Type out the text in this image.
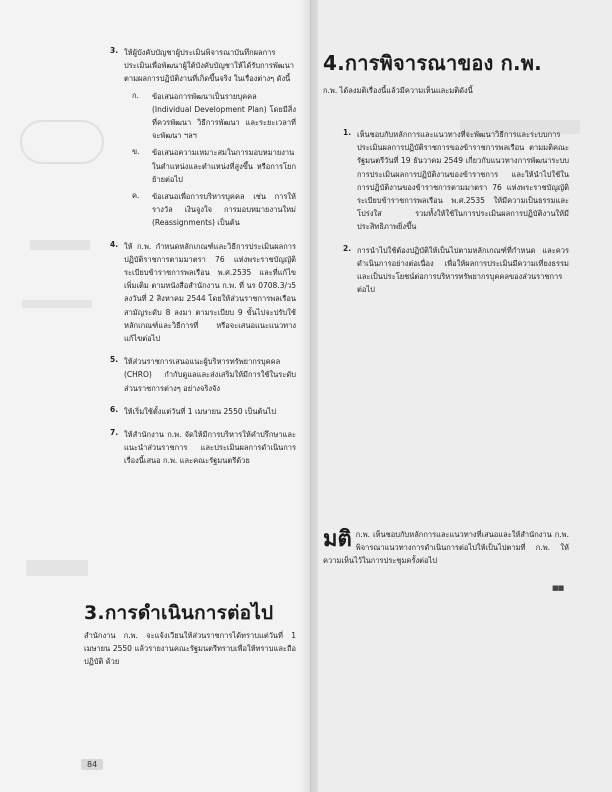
3. ให้ผู้บังคับบัญชาผู้ประเมินพิจารณาบันทึกผลการประเมินเพื่อพัฒนาผู้ใต้บังคับบัญชาให้ได้รับการพัฒนาตามผลการปฏิบัติงานที่เกิดขึ้นจริง ในเรื่องต่างๆ ดังนี้

ก. ข้อเสนอการพัฒนาเป็นรายบุคคล (Individual Development Plan) โดยมีสิ่งที่ควรพัฒนา วิธีการพัฒนา และระยะเวลาที่จะพัฒนา ฯลฯ

ข. ข้อเสนอความเหมาะสมในการมอบหมายงานในตำแหน่งและตำแหน่งที่สูงขึ้น หรือการโยกย้ายต่อไป

ค. ข้อเสนอเพื่อการบริหารบุคคล เช่น การให้รางวัล เงินจูงใจ การมอบหมายงานใหม่ (Reassignments) เป็นต้น

4. ให้ ก.พ. กำหนดหลักเกณฑ์และวิธีการประเมินผลการปฏิบัติราชการตามมาตรา 76 แห่งพระราชบัญญัติระเบียบข้าราชการพลเรือน พ.ศ.2535 และที่แก้ไขเพิ่มเติม ตามหนังสือสำนักงาน ก.พ. ที่ นร 0708.3/ว5 ลงวันที่ 2 สิงหาคม 2544 โดยให้ส่วนราชการพลเรือนสามัญระดับ 8 ลงมา ตามระเบียบ 9 ขั้นไปจะปรับใช้หลักเกณฑ์และวิธีการที่ หรือจะเสนอแนะแนวทางแก้ไขต่อไป

5. ให้ส่วนราชการเสนอแนะผู้บริหารทรัพยากรบุคคล (CHRO) กำกับดูแลและส่งเสริมให้มีการใช้ในระดับส่วนราชการต่างๆ อย่างจริงจัง

6. ให้เริ่มใช้ตั้งแต่วันที่ 1 เมษายน 2550 เป็นต้นไป

7. ให้สำนักงาน ก.พ. จัดให้มีการบริหารให้คำปรึกษาและแนะนำส่วนราชการ และประเมินผลการดำเนินการเรื่องนี้เสนอ ก.พ. และคณะรัฐมนตรีด้วย

3.การดำเนินการต่อไป

สำนักงาน ก.พ. จะแจ้งเวียนให้ส่วนราชการได้ทราบแต่วันที่ 1 เมษายน 2550 แล้วรายงานคณะรัฐมนตรีทราบเพื่อให้ทราบและถือปฏิบัติ ด้วย

84
4.การพิจารณาของ ก.พ.

ก.พ. ได้ลงมติเรื่องนี้แล้วมีความเห็นและมติดังนี้

1. เห็นชอบกับหลักการและแนวทางที่จะพัฒนาวิธีการและระบบการประเมินผลการปฏิบัติราชการของข้าราชการพลเรือน ตามมติคณะรัฐมนตรีวันที่ 19 ธันวาคม 2549 เกี่ยวกับแนวทางการพัฒนาระบบการประเมินผลการปฏิบัติงานของข้าราชการ และให้นำไปใช้ในการปฏิบัติงานของข้าราชการตามมาตรา 76 แห่งพระราชบัญญัติระเบียบข้าราชการพลเรือน พ.ศ.2535 ให้มีความเป็นธรรมและโปร่งใส รวมทั้งให้ใช้ในการประเมินผลการปฏิบัติงานให้มีประสิทธิภาพยิ่งขึ้น

2. การนำไปใช้ต้องปฏิบัติให้เป็นไปตามหลักเกณฑ์ที่กำหนด และควรดำเนินการอย่างต่อเนื่อง เพื่อให้ผลการประเมินมีความเที่ยงธรรม และเป็นประโยชน์ต่อการบริหารทรัพยากรบุคคลของส่วนราชการต่อไป

มติ ก.พ. เห็นชอบกับหลักการและแนวทางที่เสนอและให้สำนักงาน ก.พ. พิจารณาแนวทางการดำเนินการต่อไปให้เป็นไปตามที่ ก.พ. ให้ความเห็นไว้ในการประชุมครั้งต่อไป

■■
